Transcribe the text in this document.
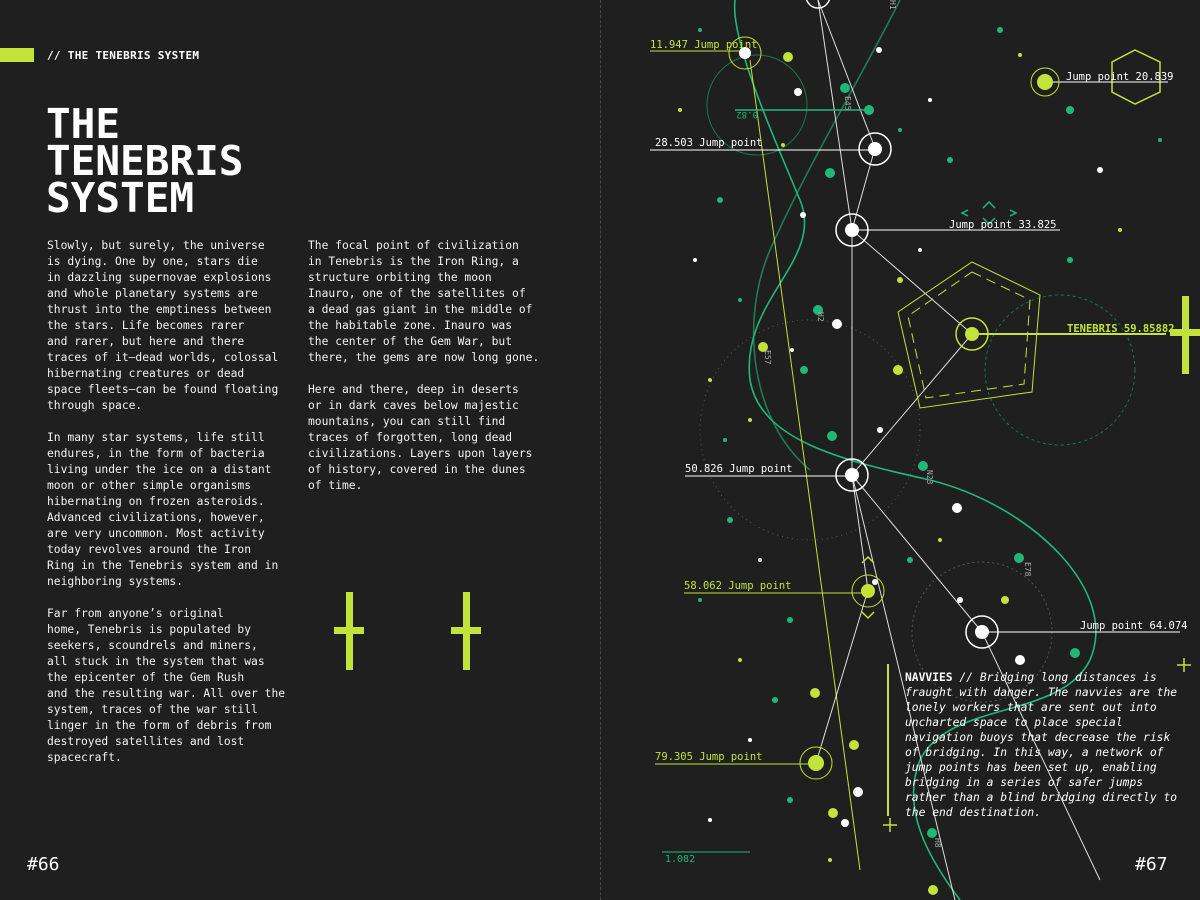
// THE TENEBRIS SYSTEM
THE
TENEBRIS
SYSTEM

Slowly, but surely, the universe
is dying. One by one, stars die
in dazzling supernovae explosions
and whole planetary systems are
thrust into the emptiness between
the stars. Life becomes rarer
and rarer, but here and there
traces of it—dead worlds, colossal
hibernating creatures or dead
space fleets—can be found floating
through space.

In many star systems, life still
endures, in the form of bacteria
living under the ice on a distant
moon or other simple organisms
hibernating on frozen asteroids.
Advanced civilizations, however,
are very uncommon. Most activity
today revolves around the Iron
Ring in the Tenebris system and in
neighboring systems.

Far from anyone’s original
home, Tenebris is populated by
seekers, scoundrels and miners,
all stuck in the system that was
the epicenter of the Gem Rush
and the resulting war. All over the
system, traces of the war still
linger in the form of debris from
destroyed satellites and lost
spacecraft.

The focal point of civilization
in Tenebris is the Iron Ring, a
structure orbiting the moon
Inauro, one of the satellites of
a dead gas giant in the middle of
the habitable zone. Inauro was
the center of the Gem War, but
there, the gems are now long gone.

Here and there, deep in deserts
or in dark caves below majestic
mountains, you can still find
traces of forgotten, long dead
civilizations. Layers upon layers
of history, covered in the dunes
of time.

#66
11.947 Jump point
Jump point 20.839
28.503 Jump point
Jump point 33.825
TENEBRIS 59.85882
50.826 Jump point
58.062 Jump point
Jump point 64.074
79.305 Jump point
E45
H2
E57
N23
E78
H8
H1
0.82
1.082
NAVVIES // Bridging long distances is fraught with danger. The navvies are the lonely workers that are sent out into uncharted space to place special navigation buoys that decrease the risk of bridging. In this way, a network of jump points has been set up, enabling bridging in a series of safer jumps rather than a blind bridging directly to the end destination.
#67
